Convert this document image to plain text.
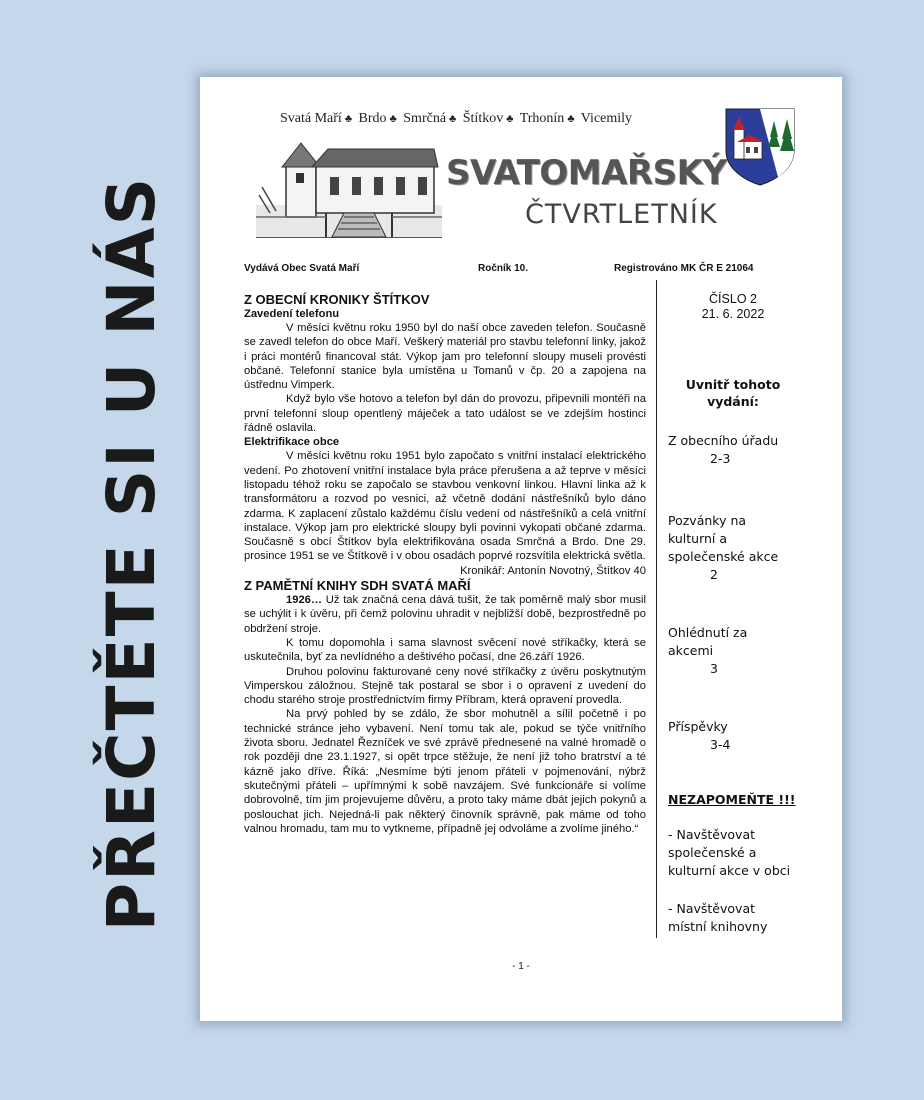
PŘEČTĚTE SI U NÁS
Svatá Maří ♣ Brdo ♣ Smrčná ♣ Štítkov ♣ Trhonín ♣ Vicemily
SVATOMAŘSKÝ
ČTVRTLETNÍK
Vydává Obec Svatá Maří	Ročník 10.	Registrováno MK ČR E 21064
Z OBECNÍ KRONIKY ŠTÍTKOV
Zavedení telefonu

V měsíci květnu roku 1950 byl do naší obce zaveden telefon. Současně se zavedl telefon do obce Maří. Veškerý materiál pro stavbu telefonní linky, jakož i práci montérů financoval stát. Výkop jam pro telefonní sloupy museli provésti občané. Telefonní stanice byla umístěna u Tomanů v čp. 20 a zapojena na ústřednu Vimperk.

Když bylo vše hotovo a telefon byl dán do provozu, připevnili montéři na první telefonní sloup opentlený máječek a tato událost se ve zdejším hostinci řádně oslavila.

Elektrifikace obce

V měsíci květnu roku 1951 bylo započato s vnitřní instalací elektrického vedení. Po zhotovení vnitřní instalace byla práce přerušena a až teprve v měsíci listopadu téhož roku se započalo se stavbou venkovní linkou. Hlavní linka až k transformátoru a rozvod po vesnici, až včetně dodání nástřešníků bylo dáno zdarma. K zaplacení zůstalo každému číslu vedení od nástřešníků a celá vnitřní instalace. Výkop jam pro elektrické sloupy byli povinni vykopati občané zdarma. Současně s obcí Štítkov byla elektrifikována osada Smrčná a Brdo. Dne 29. prosince 1951 se ve Štítkově i v obou osadách poprvé rozsvítila elektrická světla.

Kronikář: Antonín Novotný, Štítkov 40

Z PAMĚTNÍ KNIHY SDH SVATÁ MAŘÍ

1926… Už tak značná cena dává tušit, že tak poměrně malý sbor musil se uchýlit i k úvěru, při čemž polovinu uhradit v nejbližší době, bezprostředně po obdržení stroje.

K tomu dopomohla i sama slavnost svěcení nové stříkačky, která se uskutečnila, byť za nevlídného a deštivého počasí, dne 26.září 1926.

Druhou polovinu fakturované ceny nové stříkačky z úvěru poskytnutým Vimperskou záložnou. Stejně tak postaral se sbor i o opravení z uvedení do chodu starého stroje prostřednictvím firmy Příbram, která opravení provedla.

Na prvý pohled by se zdálo, že sbor mohutněl a sílil početně i po technické stránce jeho vybavení. Není tomu tak ale, pokud se týče vnitřního života sboru. Jednatel Řezníček ve své zprávě přednesené na valné hromadě o rok později dne 23.1.1927, si opět trpce stěžuje, že není již toho bratrství a té kázně jako dříve. Říká: „Nesmíme býti jenom přáteli v pojmenování, nýbrž skutečnými přáteli – upřímnými k sobě navzájem. Své funkcionáře si volíme dobrovolně, tím jim projevujeme důvěru, a proto taky máme dbát jejich pokynů a poslouchat jich. Nejedná-li pak některý činovník správně, pak máme od toho valnou hromadu, tam mu to vytkneme, případně jej odvoláme a zvolíme jiného.“

ČÍSLO 2
21. 6. 2022
Uvnitř tohoto vydání:
Z obecního úřadu
2-3
Pozvánky na kulturní a společenské akce
2
Ohlédnutí za akcemi
3
Příspěvky
3-4
NEZAPOMEŇTE !!!
- Navštěvovat společenské a kulturní akce v obci
- Navštěvovat místní knihovny
- 1 -
